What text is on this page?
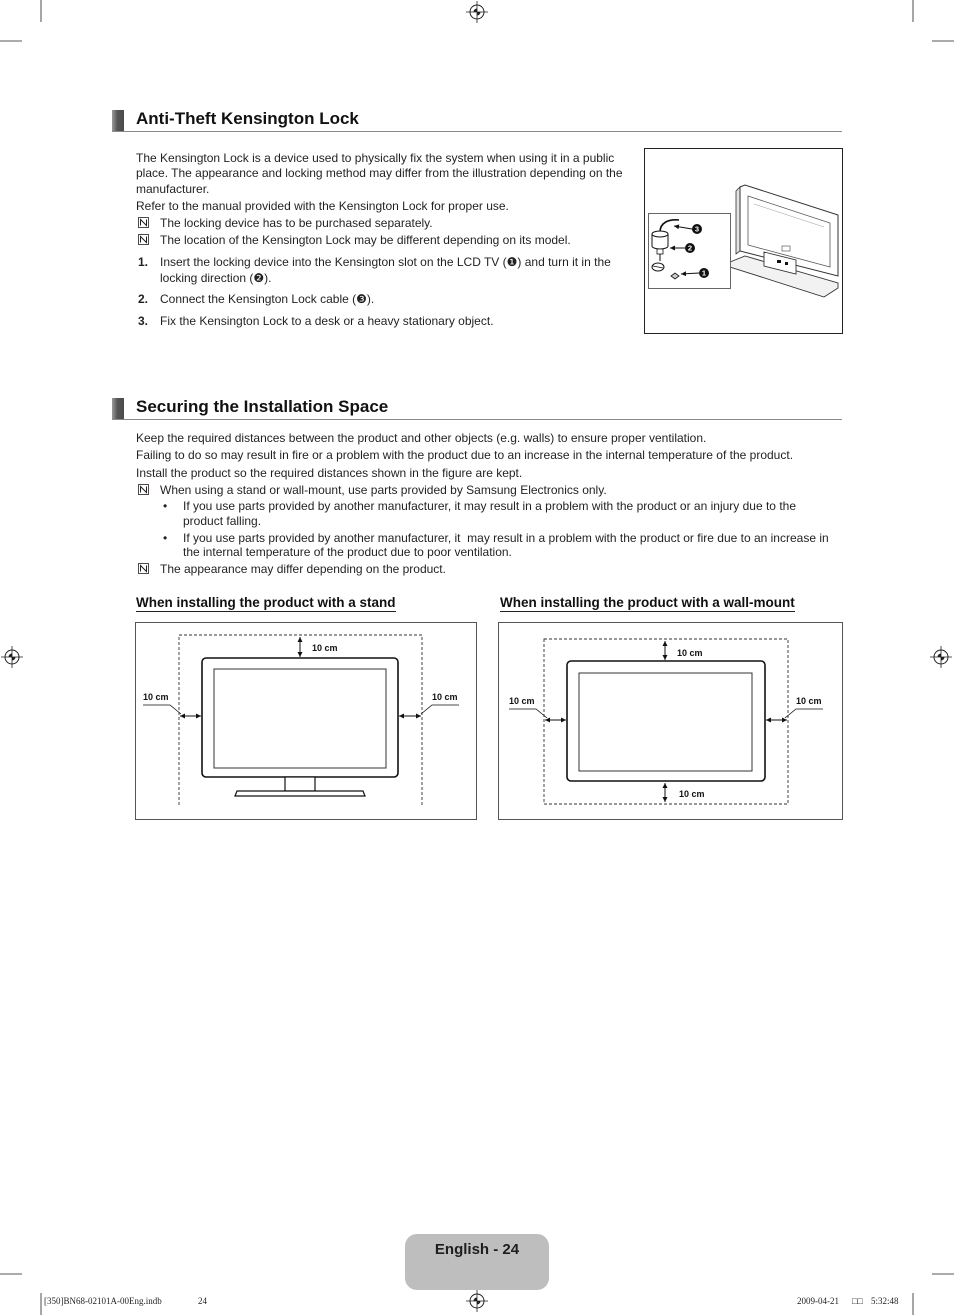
Anti-Theft Kensington Lock
The Kensington Lock is a device used to physically fix the system when using it in a public
place. The appearance and locking method may differ from the illustration depending on the
manufacturer.
Refer to the manual provided with the Kensington Lock for proper use.
The locking device has to be purchased separately.
The location of the Kensington Lock may be different depending on its model.
1. Insert the locking device into the Kensington slot on the LCD TV (❶) and turn it in the
locking direction (❷).
2. Connect the Kensington Lock cable (❸).
3. Fix the Kensington Lock to a desk or a heavy stationary object.
3
2
1
Securing the Installation Space
Keep the required distances between the product and other objects (e.g. walls) to ensure proper ventilation.
Failing to do so may result in fire or a problem with the product due to an increase in the internal temperature of the product.
Install the product so the required distances shown in the figure are kept.
When using a stand or wall-mount, use parts provided by Samsung Electronics only.
• If you use parts provided by another manufacturer, it may result in a problem with the product or an injury due to the
product falling.
• If you use parts provided by another manufacturer, it  may result in a problem with the product or fire due to an increase in
the internal temperature of the product due to poor ventilation.
The appearance may differ depending on the product.
When installing the product with a stand	When installing the product with a wall-mount
10 cm
10 cm	10 cm
10 cm
10 cm
10 cm	10 cm
English - 24
[350]BN68-02101A-00Eng.indb	24	2009-04-21 □□ 5:32:48
